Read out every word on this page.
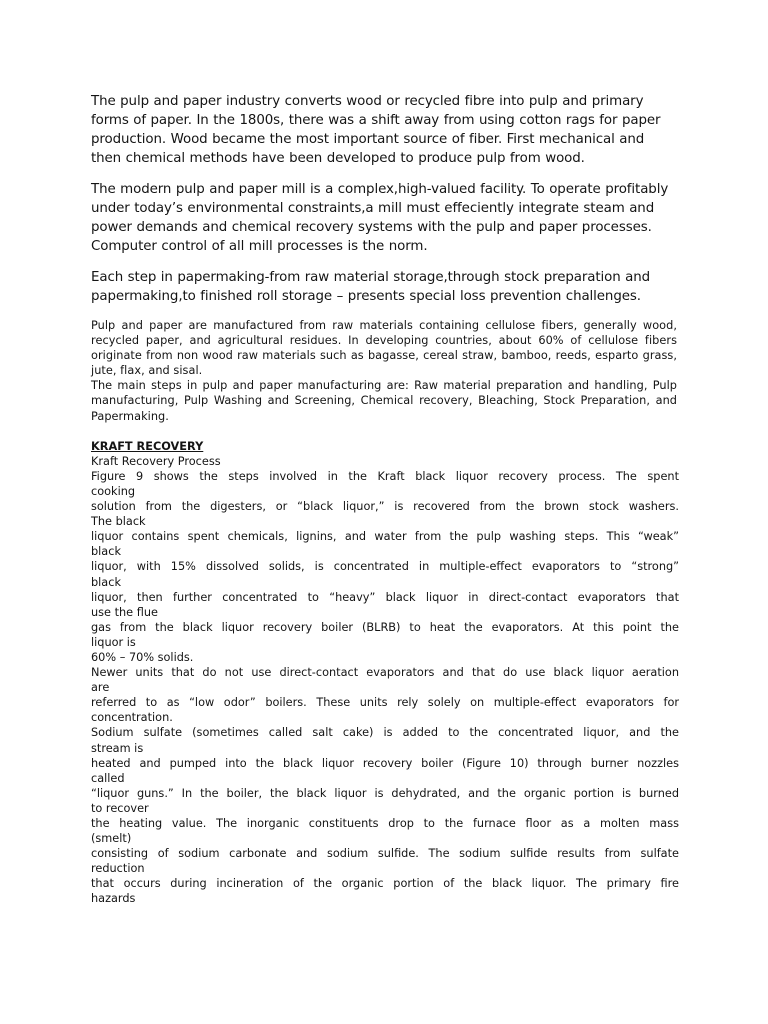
The pulp and paper industry converts wood or recycled fibre into pulp and primary forms of paper. In the 1800s, there was a shift away from using cotton rags for paper production. Wood became the most important source of fiber. First mechanical and then chemical methods have been developed to produce pulp from wood.

The modern pulp and paper mill is a complex,high-valued facility. To operate profitably under today’s environmental constraints,a mill must effeciently integrate steam and power demands and chemical recovery systems with the pulp and paper processes. Computer control of all mill processes is the norm.

Each step in papermaking-from raw material storage,through stock preparation and papermaking,to finished roll storage – presents special loss prevention challenges.

Pulp and paper are manufactured from raw materials containing cellulose fibers, generally wood, recycled paper, and agricultural residues. In developing countries, about 60% of cellulose fibers originate from non wood raw materials such as bagasse, cereal straw, bamboo, reeds, esparto grass, jute, flax, and sisal.

The main steps in pulp and paper manufacturing are: Raw material preparation and handling, Pulp manufacturing, Pulp Washing and Screening, Chemical recovery, Bleaching, Stock Preparation, and Papermaking.

KRAFT RECOVERY
Kraft Recovery Process
Figure 9 shows the steps involved in the Kraft black liquor recovery process. The spent
cooking
solution from the digesters, or “black liquor,” is recovered from the brown stock washers.
The black
liquor contains spent chemicals, lignins, and water from the pulp washing steps. This “weak”
black
liquor, with 15% dissolved solids, is concentrated in multiple-effect evaporators to “strong”
black
liquor, then further concentrated to “heavy” black liquor in direct-contact evaporators that
use the flue
gas from the black liquor recovery boiler (BLRB) to heat the evaporators. At this point the
liquor is
60% – 70% solids.
Newer units that do not use direct-contact evaporators and that do use black liquor aeration
are
referred to as “low odor” boilers. These units rely solely on multiple-effect evaporators for
concentration.
Sodium sulfate (sometimes called salt cake) is added to the concentrated liquor, and the
stream is
heated and pumped into the black liquor recovery boiler (Figure 10) through burner nozzles
called
“liquor guns.” In the boiler, the black liquor is dehydrated, and the organic portion is burned
to recover
the heating value. The inorganic constituents drop to the furnace floor as a molten mass
(smelt)
consisting of sodium carbonate and sodium sulfide. The sodium sulfide results from sulfate
reduction
that occurs during incineration of the organic portion of the black liquor. The primary fire
hazards
